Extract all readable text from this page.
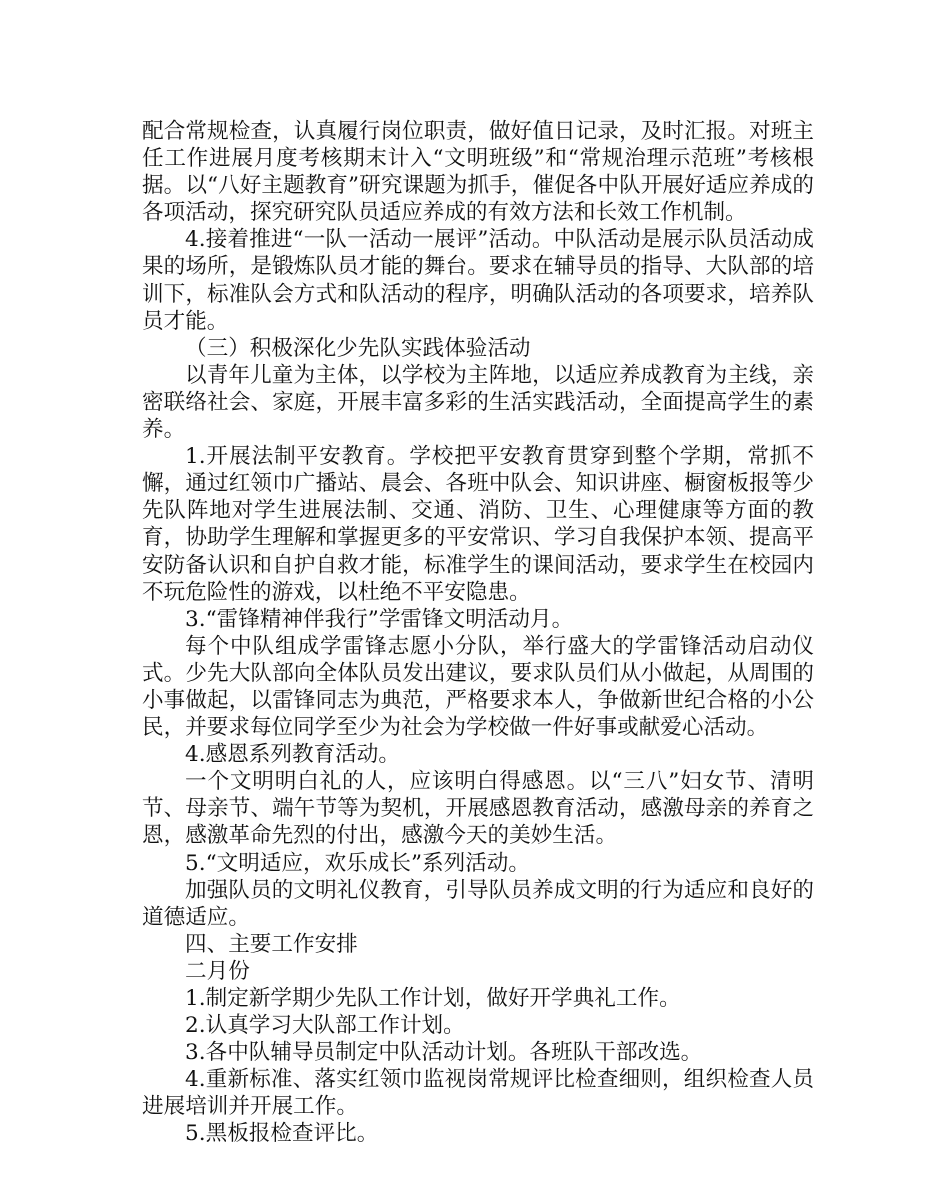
配合常规检查，认真履行岗位职责，做好值日记录，及时汇报。对班主任工作进展月度考核期末计入“文明班级”和“常规治理示范班”考核根据。以“八好主题教育”研究课题为抓手，催促各中队开展好适应养成的各项活动，探究研究队员适应养成的有效方法和长效工作机制。

4.接着推进“一队一活动一展评”活动。中队活动是展示队员活动成果的场所，是锻炼队员才能的舞台。要求在辅导员的指导、大队部的培训下，标准队会方式和队活动的程序，明确队活动的各项要求，培养队员才能。

（三）积极深化少先队实践体验活动

以青年儿童为主体，以学校为主阵地，以适应养成教育为主线，亲密联络社会、家庭，开展丰富多彩的生活实践活动，全面提高学生的素养。

1.开展法制平安教育。学校把平安教育贯穿到整个学期，常抓不懈，通过红领巾广播站、晨会、各班中队会、知识讲座、橱窗板报等少先队阵地对学生进展法制、交通、消防、卫生、心理健康等方面的教育，协助学生理解和掌握更多的平安常识、学习自我保护本领、提高平安防备认识和自护自救才能，标准学生的课间活动，要求学生在校园内不玩危险性的游戏，以杜绝不平安隐患。

3.“雷锋精神伴我行”学雷锋文明活动月。

每个中队组成学雷锋志愿小分队，举行盛大的学雷锋活动启动仪式。少先大队部向全体队员发出建议，要求队员们从小做起，从周围的小事做起，以雷锋同志为典范，严格要求本人，争做新世纪合格的小公民，并要求每位同学至少为社会为学校做一件好事或献爱心活动。

4.感恩系列教育活动。

一个文明明白礼的人，应该明白得感恩。以“三八”妇女节、清明节、母亲节、端午节等为契机，开展感恩教育活动，感激母亲的养育之恩，感激革命先烈的付出，感激今天的美妙生活。

5.“文明适应，欢乐成长”系列活动。

加强队员的文明礼仪教育，引导队员养成文明的行为适应和良好的道德适应。

四、主要工作安排

二月份

1.制定新学期少先队工作计划，做好开学典礼工作。

2.认真学习大队部工作计划。

3.各中队辅导员制定中队活动计划。各班队干部改选。

4.重新标准、落实红领巾监视岗常规评比检查细则，组织检查人员进展培训并开展工作。

5.黑板报检查评比。
